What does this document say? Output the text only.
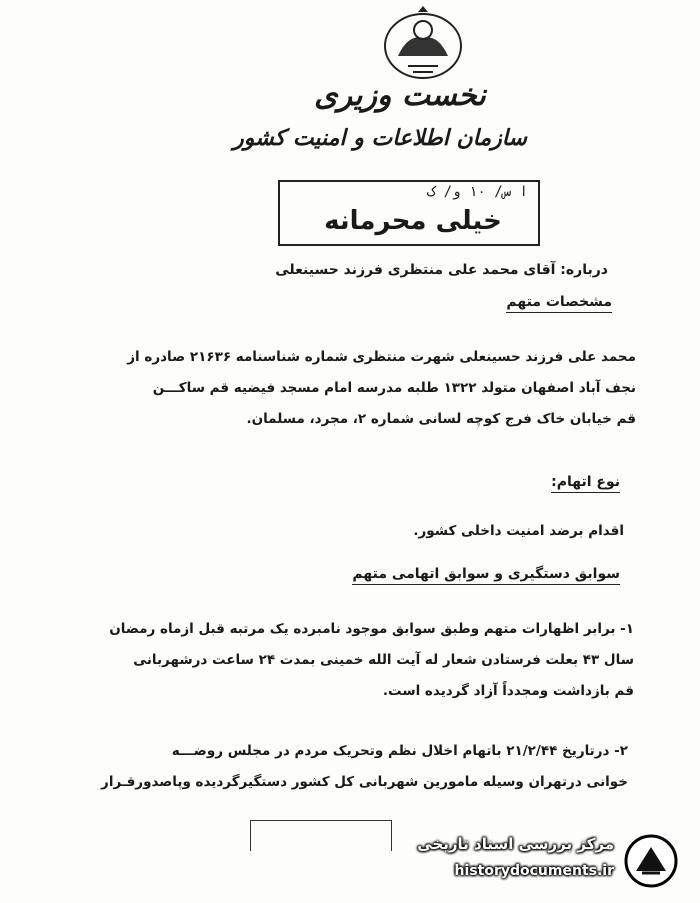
نخست وزیری
سازمان اطلاعات و امنیت کشور
ا س/ ۱۰ و/ ک
خیلی محرمانه
درباره: آقای محمد علی منتظری فرزند حسینعلی
مشخصات متهم
محمد علی فرزند حسینعلی شهرت منتظری شماره شناسنامه ۲۱۶۳۶ صادره از
نجف آباد اصفهان متولد ۱۳۲۲ طلبه مدرسه امام مسجد فیضیه قم ساکـــن
قم خیابان خاک فرج کوچه لسانی شماره ۲، مجرد، مسلمان.
نوع اتهام:
اقدام برضد امنیت داخلی کشور.
سوابق دستگیری و سوابق اتهامی متهم
۱- برابر اظهارات متهم وطبق سوابق موجود نامبرده یک مرتبه قبل ازماه رمضان
سال ۴۳ بعلت فرستادن شعار له آیت الله خمینی بمدت ۲۴ ساعت درشهربانی
قم بازداشت ومجدداً آزاد گردیده است.
۲- درتاریخ ۲۱/۲/۴۴ باتهام اخلال نظم وتحریک مردم در مجلس روضـــه
خوانی درتهران وسیله مامورین شهربانی کل کشور دستگیرگردیده وپاصدورقـرار
مرکز بررسی اسناد تاریخی
historydocuments.ir
